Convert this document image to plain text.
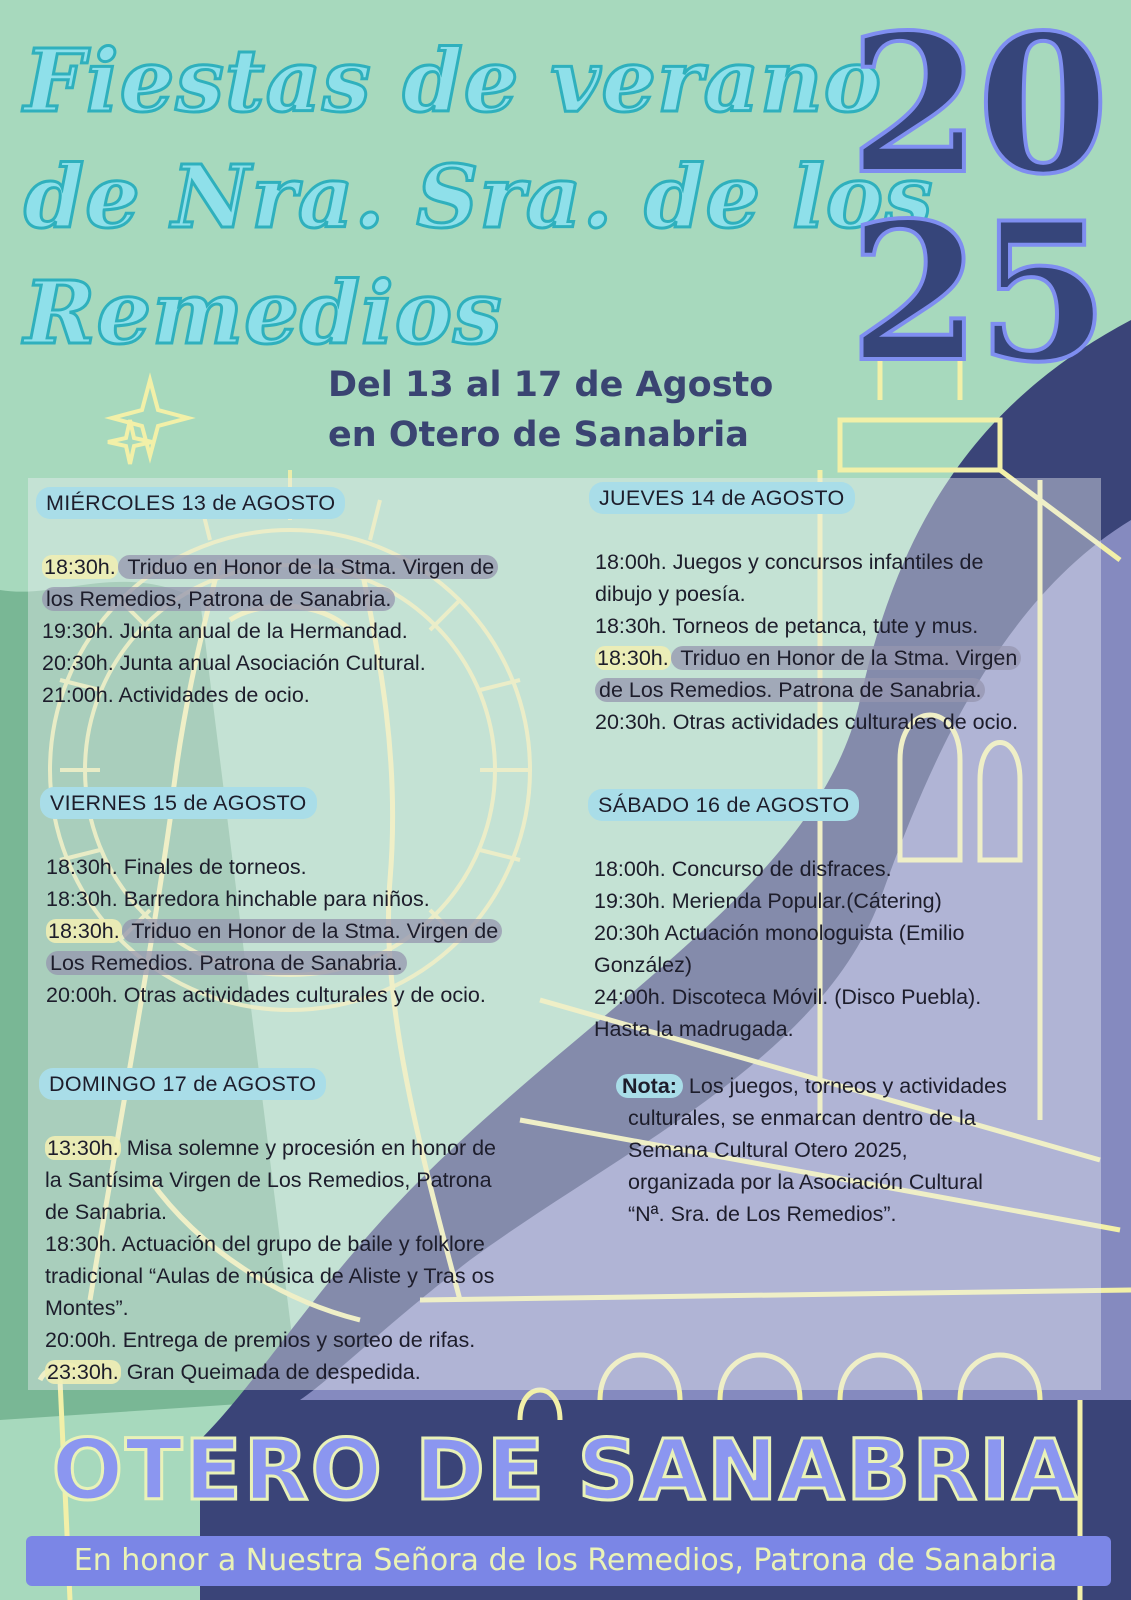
Fiestas de verano
de Nra. Sra. de los
Remedios
20
25
Del 13 al 17 de Agosto
en Otero de Sanabria
MIÉRCOLES 13 de AGOSTO
18:30h. Triduo en Honor de la Stma. Virgen de
los Remedios, Patrona de Sanabria.
19:30h. Junta anual de la Hermandad.
20:30h. Junta anual Asociación Cultural.
21:00h. Actividades de ocio.
JUEVES 14 de AGOSTO
18:00h. Juegos y concursos infantiles de
dibujo y poesía.
18:30h. Torneos de petanca, tute y mus.
18:30h. Triduo en Honor de la Stma. Virgen
de Los Remedios. Patrona de Sanabria.
20:30h. Otras actividades culturales de ocio.
VIERNES 15 de AGOSTO
18:30h. Finales de torneos.
18:30h. Barredora hinchable para niños.
18:30h. Triduo en Honor de la Stma. Virgen de
Los Remedios. Patrona de Sanabria.
20:00h. Otras actividades culturales y de ocio.
SÁBADO 16 de AGOSTO
18:00h. Concurso de disfraces.
19:30h. Merienda Popular.(Cátering)
20:30h Actuación monologuista (Emilio
González)
24:00h. Discoteca Móvil. (Disco Puebla).
Hasta la madrugada.
DOMINGO 17 de AGOSTO
13:30h. Misa solemne y procesión en honor de
la Santísima Virgen de Los Remedios, Patrona
de Sanabria.
18:30h. Actuación del grupo de baile y folklore
tradicional “Aulas de música de Aliste y Tras os
Montes”.
20:00h. Entrega de premios y sorteo de rifas.
23:30h. Gran Queimada de despedida.
Nota: Los juegos, torneos y actividades
culturales, se enmarcan dentro de la
Semana Cultural Otero 2025,
organizada por la Asociación Cultural
“Nª. Sra. de Los Remedios”.
OTERO DE SANABRIA
En honor a Nuestra Señora de los Remedios, Patrona de Sanabria
